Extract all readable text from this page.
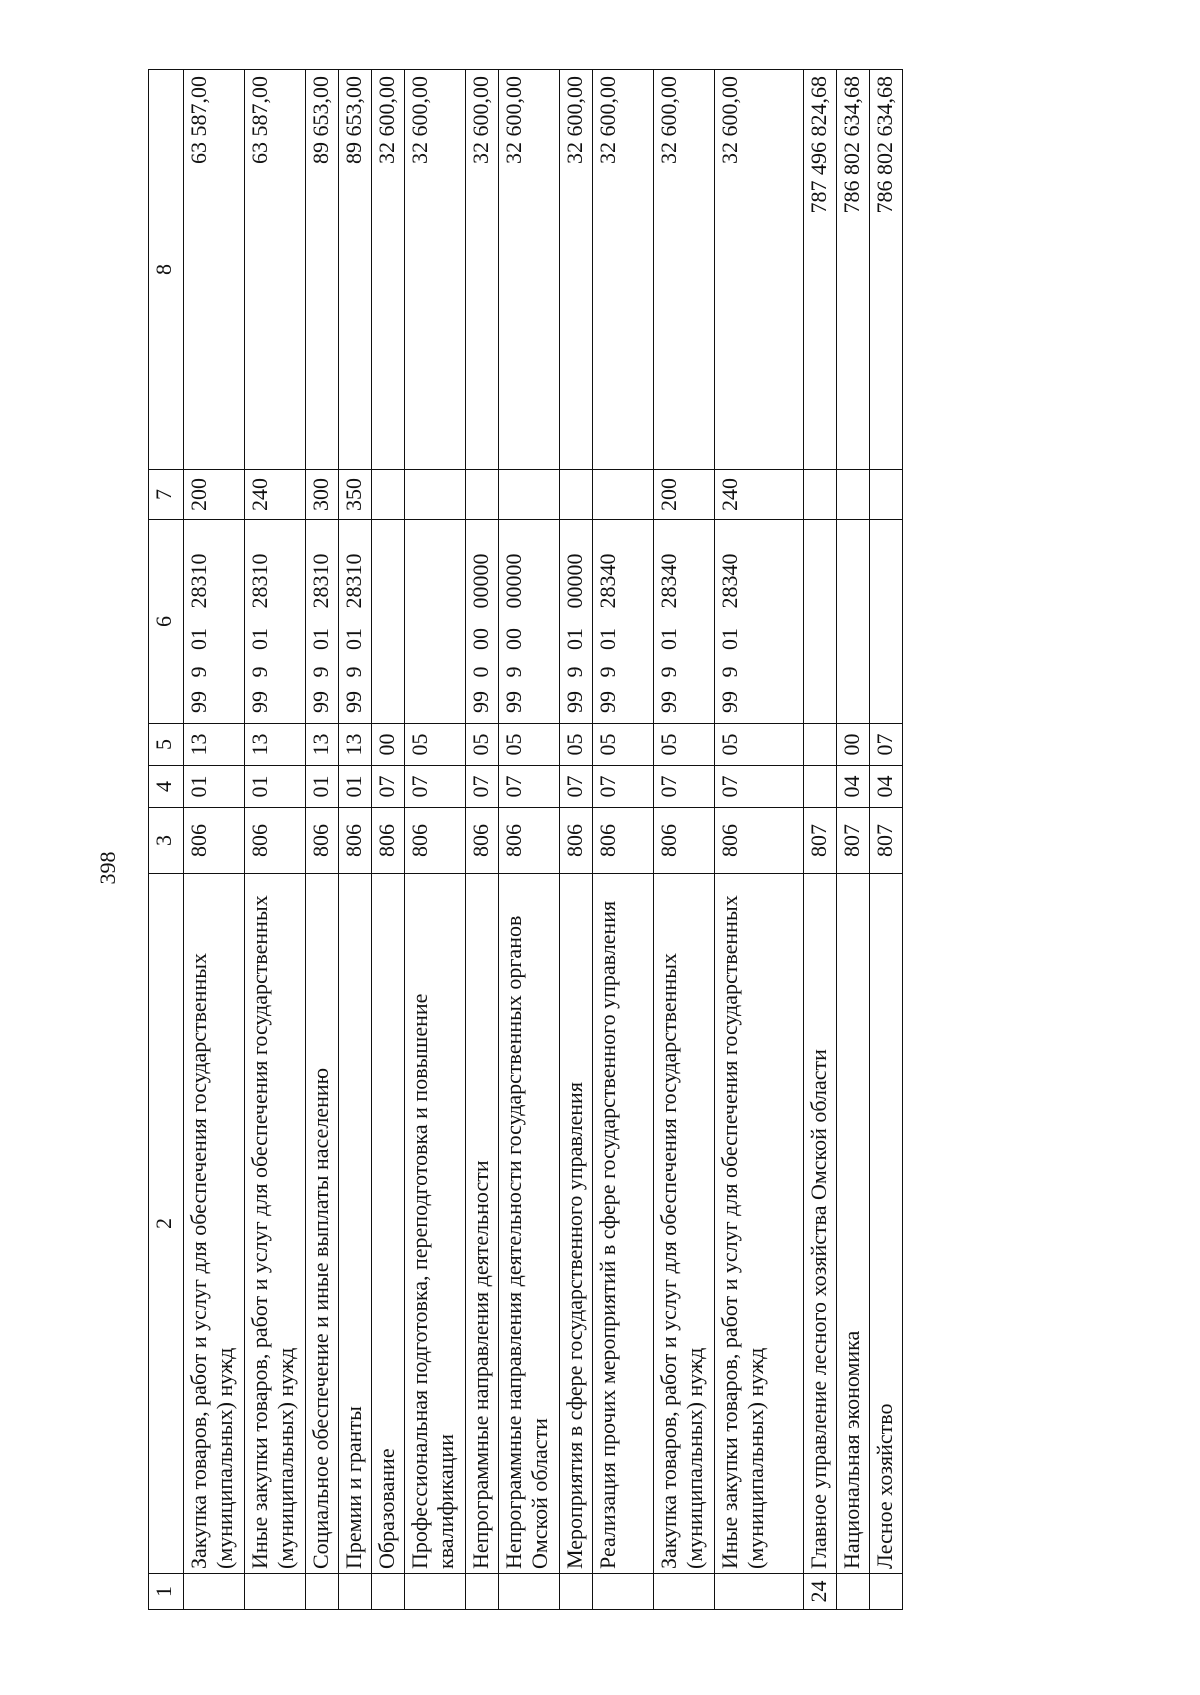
398
1	2	3	4	5	6	7	8
	Закупка товаров, работ и услуг для обеспечения государственных (муниципальных) нужд	806	01	13	9990128310	200	63 587,00
	Иные закупки товаров, работ и услуг для обеспечения государственных (муниципальных) нужд	806	01	13	9990128310	240	63 587,00
	Социальное обеспечение и иные выплаты населению	806	01	13	9990128310	300	89 653,00
	Премии и гранты	806	01	13	9990128310	350	89 653,00
	Образование	806	07	00			32 600,00
	Профессиональная подготовка, переподготовка и повышение квалификации	806	07	05			32 600,00
	Непрограммные направления деятельности	806	07	05	9900000000		32 600,00
	Непрограммные направления деятельности государственных органов Омской области	806	07	05	9990000000		32 600,00
	Мероприятия в сфере государственного управления	806	07	05	9990100000		32 600,00
	Реализация прочих мероприятий в сфере государственного управления	806	07	05	9990128340		32 600,00
	Закупка товаров, работ и услуг для обеспечения государственных (муниципальных) нужд	806	07	05	9990128340	200	32 600,00
	Иные закупки товаров, работ и услуг для обеспечения государственных (муниципальных) нужд	806	07	05	9990128340	240	32 600,00
24	Главное управление лесного хозяйства Омской области	807					787 496 824,68
	Национальная экономика	807	04	00			786 802 634,68
	Лесное хозяйство	807	04	07			786 802 634,68
